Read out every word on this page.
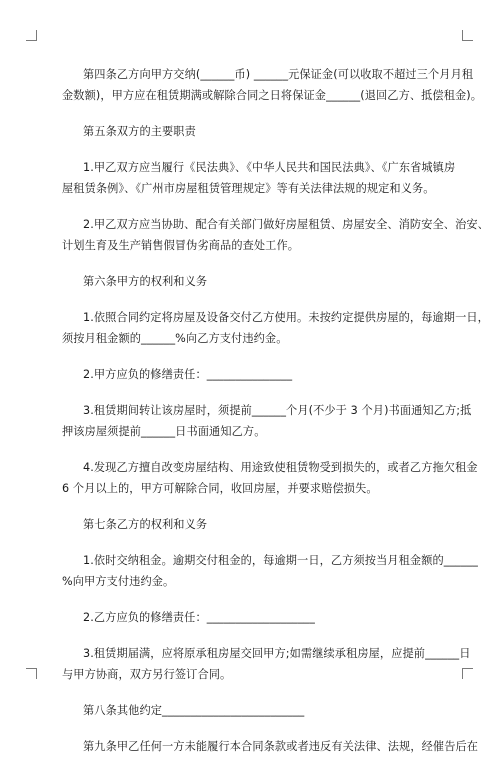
第四条乙方向甲方交纳(______币) ______元保证金(可以收取不超过三个月月租
金数额)，甲方应在租赁期满或解除合同之日将保证金______(退回乙方、抵偿租金)。
第五条双方的主要职责
1.甲乙双方应当履行《民法典》、《中华人民共和国民法典》、《广东省城镇房
屋租赁条例》、《广州市房屋租赁管理规定》等有关法律法规的规定和义务。
2.甲乙双方应当协助、配合有关部门做好房屋租赁、房屋安全、消防安全、治安、
计划生育及生产销售假冒伪劣商品的查处工作。
第六条甲方的权利和义务
1.依照合同约定将房屋及设备交付乙方使用。未按约定提供房屋的，每逾期一日，
须按月租金额的______%向乙方支付违约金。
2.甲方应负的修缮责任：_______________
3.租赁期间转让该房屋时，须提前______个月(不少于 3 个月)书面通知乙方;抵
押该房屋须提前______日书面通知乙方。
4.发现乙方擅自改变房屋结构、用途致使租赁物受到损失的，或者乙方拖欠租金
6 个月以上的，甲方可解除合同，收回房屋，并要求赔偿损失。
第七条乙方的权利和义务
1.依时交纳租金。逾期交付租金的，每逾期一日，乙方须按当月租金额的______
%向甲方支付违约金。
2.乙方应负的修缮责任：___________________
3.租赁期届满，应将原承租房屋交回甲方;如需继续承租房屋，应提前______日
与甲方协商，双方另行签订合同。
第八条其他约定_________________________
第九条甲乙任何一方未能履行本合同条款或者违反有关法律、法规，经催告后在
